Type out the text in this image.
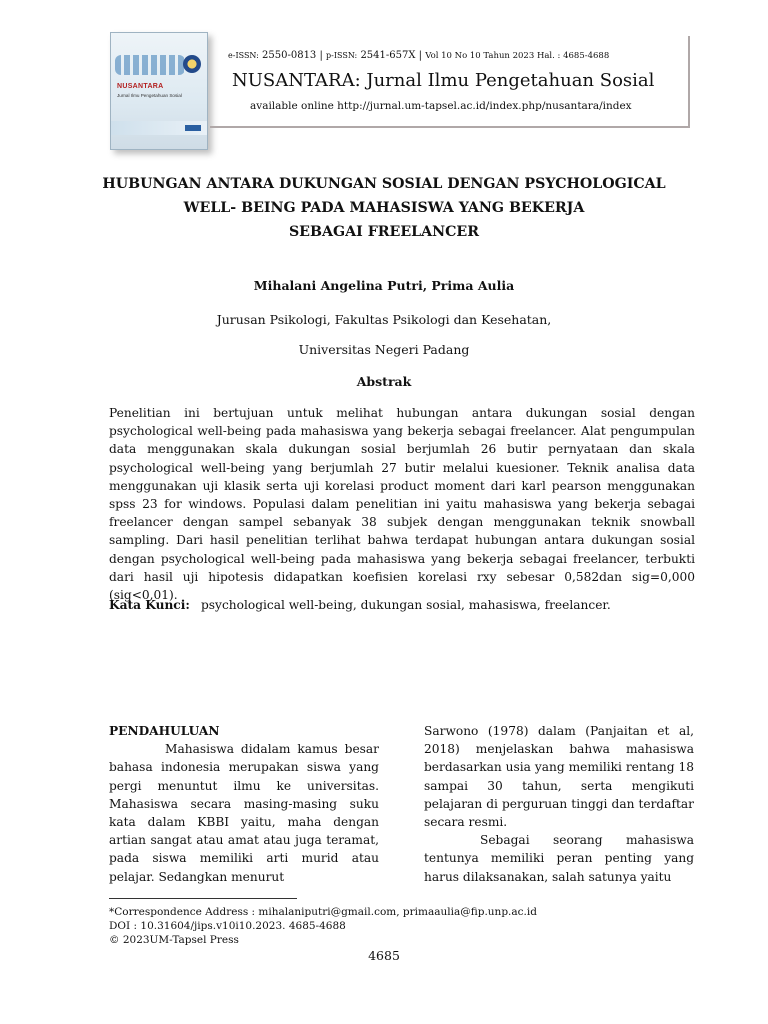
NUSANTARA
Jurnal Ilmu Pengetahuan Sosial
e-ISSN: 2550-0813 | p-ISSN: 2541-657X | Vol 10 No 10 Tahun 2023 Hal. : 4685-4688
NUSANTARA: Jurnal Ilmu Pengetahuan Sosial
available online http://jurnal.um-tapsel.ac.id/index.php/nusantara/index
HUBUNGAN ANTARA DUKUNGAN SOSIAL DENGAN PSYCHOLOGICAL
WELL- BEING PADA MAHASISWA YANG BEKERJA
SEBAGAI FREELANCER
Mihalani Angelina Putri, Prima Aulia
Jurusan Psikologi, Fakultas Psikologi dan Kesehatan,
Universitas Negeri Padang
Abstrak
Penelitian ini bertujuan untuk melihat hubungan antara dukungan sosial dengan psychological well-being pada mahasiswa yang bekerja sebagai freelancer. Alat pengumpulan data menggunakan skala dukungan sosial berjumlah 26 butir pernyataan dan skala psychological well-being yang berjumlah 27 butir melalui kuesioner. Teknik analisa data menggunakan uji klasik serta uji korelasi product moment dari karl pearson menggunakan spss 23 for windows. Populasi dalam penelitian ini yaitu mahasiswa yang bekerja sebagai freelancer dengan sampel sebanyak 38 subjek dengan menggunakan teknik snowball sampling. Dari hasil penelitian terlihat bahwa terdapat hubungan antara dukungan sosial dengan psychological well-being pada mahasiswa yang bekerja sebagai freelancer, terbukti dari hasil uji hipotesis didapatkan koefisien korelasi rxy sebesar 0,582dan sig=0,000 (sig<0,01).
Kata Kunci: psychological well-being, dukungan sosial, mahasiswa, freelancer.
PENDAHULUAN
Mahasiswa didalam kamus besar bahasa indonesia merupakan siswa yang pergi menuntut ilmu ke universitas. Mahasiswa secara masing-masing suku kata dalam KBBI yaitu, maha dengan artian sangat atau amat atau juga teramat, pada siswa memiliki arti murid atau pelajar. Sedangkan menurut
Sarwono (1978) dalam (Panjaitan et al, 2018) menjelaskan bahwa mahasiswa berdasarkan usia yang memiliki rentang 18 sampai 30 tahun, serta mengikuti pelajaran di perguruan tinggi dan terdaftar secara resmi.
Sebagai seorang mahasiswa tentunya memiliki peran penting yang harus dilaksanakan, salah satunya yaitu
*Correspondence Address : mihalaniputri@gmail.com, primaaulia@fip.unp.ac.id
DOI : 10.31604/jips.v10i10.2023. 4685-4688
© 2023UM-Tapsel Press
4685
